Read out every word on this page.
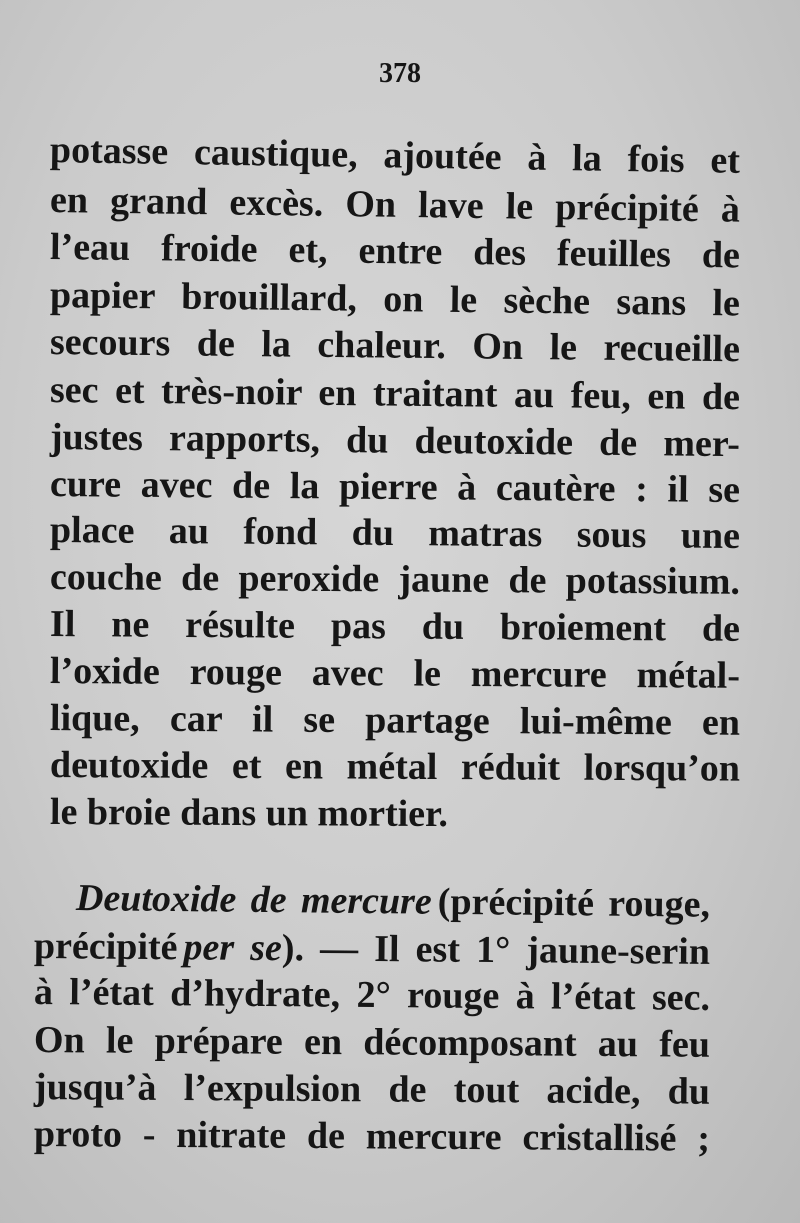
378
potasse caustique, ajoutée à la fois et
en grand excès. On lave le précipité à
l’eau froide et, entre des feuilles de
papier brouillard, on le sèche sans le
secours de la chaleur. On le recueille
sec et très-noir en traitant au feu, en de
justes rapports, du deutoxide de mer-
cure avec de la pierre à cautère : il se
place au fond du matras sous une
couche de peroxide jaune de potassium.
Il ne résulte pas du broiement de
l’oxide rouge avec le mercure métal-
lique, car il se partage lui-même en
deutoxide et en métal réduit lorsqu’on
le broie dans un mortier.
Deutoxide de mercure (précipité rouge,
précipité per se). — Il est 1° jaune-serin
à l’état d’hydrate, 2° rouge à l’état sec.
On le prépare en décomposant au feu
jusqu’à l’expulsion de tout acide, du
proto - nitrate de mercure cristallisé ;
